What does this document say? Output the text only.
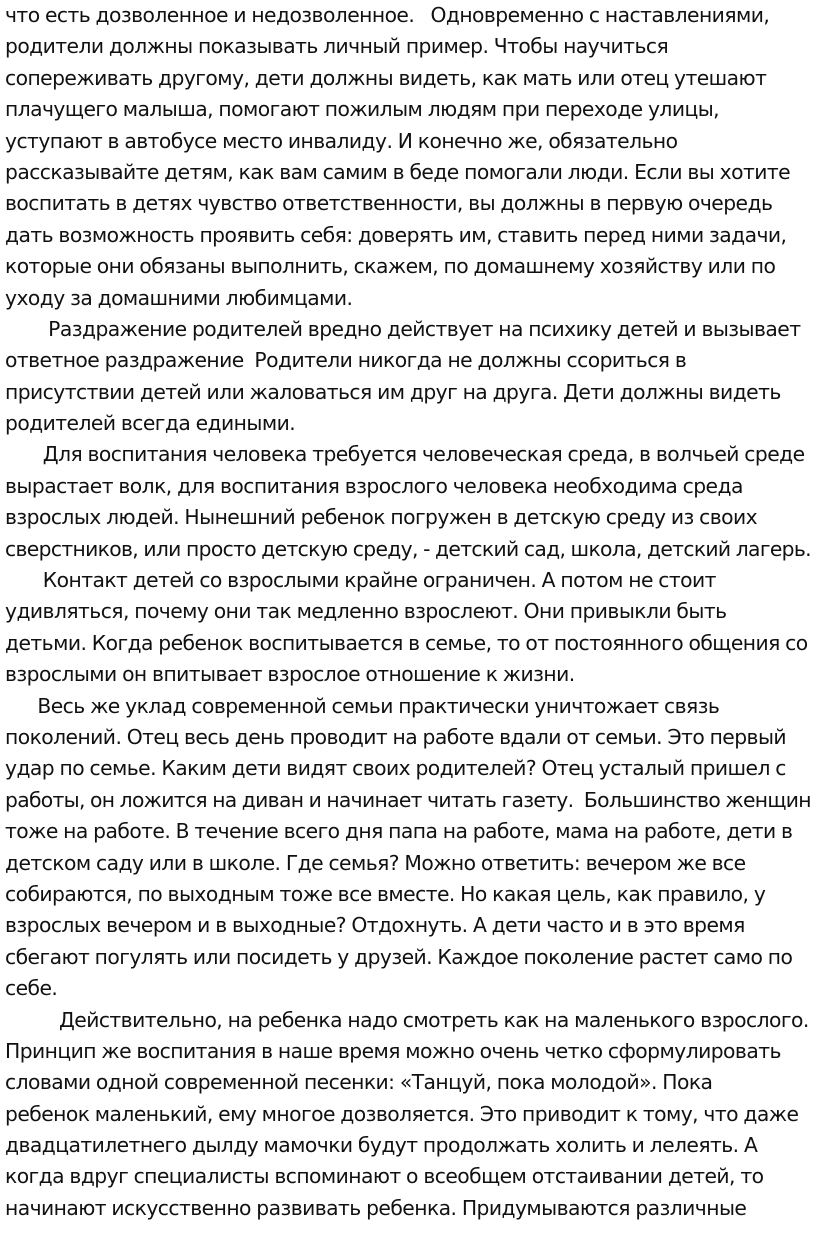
что есть дозволенное и недозволенное.   Одновременно с наставлениями,
родители должны показывать личный пример. Чтобы научиться
сопереживать другому, дети должны видеть, как мать или отец утешают
плачущего малыша, помогают пожилым людям при переходе улицы,
уступают в автобусе место инвалиду. И конечно же, обязательно
рассказывайте детям, как вам самим в беде помогали люди. Если вы хотите
воспитать в детях чувство ответственности, вы должны в первую очередь
дать возможность проявить себя: доверять им, ставить перед ними задачи,
которые они обязаны выполнить, скажем, по домашнему хозяйству или по
уходу за домашними любимцами.
Раздражение родителей вредно действует на психику детей и вызывает
ответное раздражение  Родители никогда не должны ссориться в
присутствии детей или жаловаться им друг на друга. Дети должны видеть
родителей всегда едиными.
Для воспитания человека требуется человеческая среда, в волчьей среде
вырастает волк, для воспитания взрослого человека необходима среда
взрослых людей. Нынешний ребенок погружен в детскую среду из своих
сверстников, или просто детскую среду, - детский сад, школа, детский лагерь.
Контакт детей со взрослыми крайне ограничен. А потом не стоит
удивляться, почему они так медленно взрослеют. Они привыкли быть
детьми. Когда ребенок воспитывается в семье, то от постоянного общения со
взрослыми он впитывает взрослое отношение к жизни.
Весь же уклад современной семьи практически уничтожает связь
поколений. Отец весь день проводит на работе вдали от семьи. Это первый
удар по семье. Каким дети видят своих родителей? Отец усталый пришел с
работы, он ложится на диван и начинает читать газету.  Большинство женщин
тоже на работе. В течение всего дня папа на работе, мама на работе, дети в
детском саду или в школе. Где семья? Можно ответить: вечером же все
собираются, по выходным тоже все вместе. Но какая цель, как правило, у
взрослых вечером и в выходные? Отдохнуть. А дети часто и в это время
сбегают погулять или посидеть у друзей. Каждое поколение растет само по
себе.
Действительно, на ребенка надо смотреть как на маленького взрослого.
Принцип же воспитания в наше время можно очень четко сформулировать
словами одной современной песенки: «Танцуй, пока молодой». Пока
ребенок маленький, ему многое дозволяется. Это приводит к тому, что даже
двадцатилетнего дылду мамочки будут продолжать холить и лелеять. А
когда вдруг специалисты вспоминают о всеобщем отстаивании детей, то
начинают искусственно развивать ребенка. Придумываются различные
